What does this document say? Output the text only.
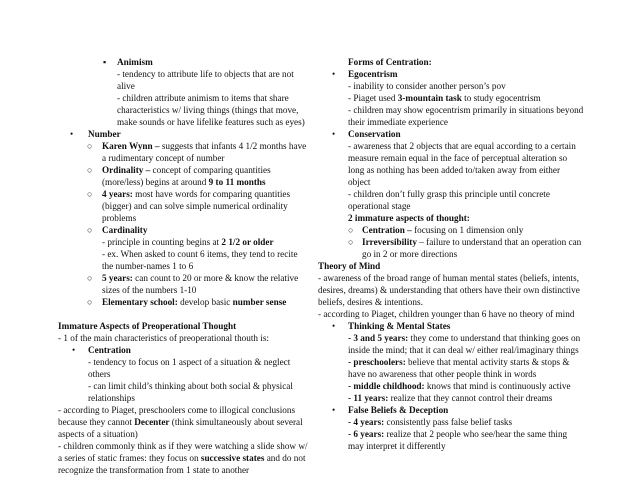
▪ Animism
- tendency to attribute life to objects that are not alive
- children attribute animism to items that share characteristics w/ living things (things that move, make sounds or have lifelike features such as eyes)
• Number
○ Karen Wynn – suggests that infants 4 1/2 months have a rudimentary concept of number
○ Ordinality – concept of comparing quantities (more/less) begins at around 9 to 11 months
○ 4 years: most have words for comparing quantities (bigger) and can solve simple numerical ordinality problems
○ Cardinality
- principle in counting begins at 2 1/2 or older
- ex. When asked to count 6 items, they tend to recite the number-names 1 to 6
○ 5 years: can count to 20 or more & know the relative sizes of the numbers 1-10
○ Elementary school: develop basic number sense
Immature Aspects of Preoperational Thought
- 1 of the main characteristics of preoperational thouth is:
• Centration
- tendency to focus on 1 aspect of a situation & neglect others
- can limit child’s thinking about both social & physical relationships
- according to Piaget, preschoolers come to illogical conclusions because they cannot Decenter (think simultaneously about several aspects of a situation)
- children commonly think as if they were watching a slide show w/ a series of static frames: they focus on successive states and do not recognize the transformation from 1 state to another
Forms of Centration:
• Egocentrism
- inability to consider another person’s pov
- Piaget used 3-mountain task to study egocentrism
- children may show egocentrism primarily in situations beyond their immediate experience
• Conservation
- awareness that 2 objects that are equal according to a certain measure remain equal in the face of perceptual alteration so long as nothing has been added to/taken away from either object
- children don’t fully grasp this principle until concrete operational stage
2 immature aspects of thought:
○ Centration – focusing on 1 dimension only
○ Irreversibility – failure to understand that an operation can go in 2 or more directions
Theory of Mind
- awareness of the broad range of human mental states (beliefs, intents, desires, dreams) & understanding that others have their own distinctive beliefs, desires & intentions.
- according to Piaget, children younger than 6 have no theory of mind
• Thinking & Mental States
- 3 and 5 years: they come to understand that thinking goes on inside the mind; that it can deal w/ either real/imaginary things
- preschoolers: believe that mental activity starts & stops & have no awareness that other people think in words
- middle childhood: knows that mind is continuously active
- 11 years: realize that they cannot control their dreams
• False Beliefs & Deception
- 4 years: consistently pass false belief tasks
- 6 years: realize that 2 people who see/hear the same thing may interpret it differently
